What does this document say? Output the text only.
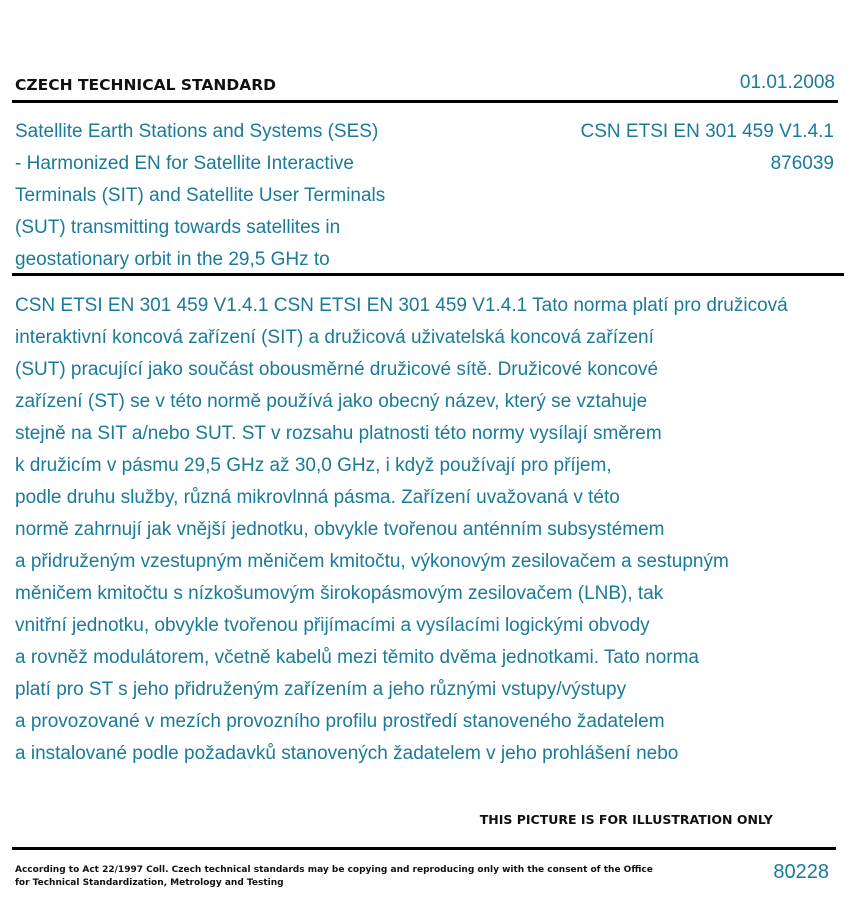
CZECH TECHNICAL STANDARD	01.01.2008
Satellite Earth Stations and Systems (SES)
- Harmonized EN for Satellite Interactive
Terminals (SIT) and Satellite User Terminals
(SUT) transmitting towards satellites in
geostationary orbit in the 29,5 GHz to
CSN ETSI EN 301 459 V1.4.1
876039
CSN ETSI EN 301 459 V1.4.1 CSN ETSI EN 301 459 V1.4.1 Tato norma platí pro družicová
interaktivní koncová zařízení (SIT) a družicová uživatelská koncová zařízení
(SUT) pracující jako součást obousměrné družicové sítě. Družicové koncové
zařízení (ST) se v této normě používá jako obecný název, který se vztahuje
stejně na SIT a/nebo SUT. ST v rozsahu platnosti této normy vysílají směrem
k družicím v pásmu 29,5 GHz až 30,0 GHz, i když používají pro příjem,
podle druhu služby, různá mikrovlnná pásma. Zařízení uvažovaná v této
normě zahrnují jak vnější jednotku, obvykle tvořenou anténním subsystémem
a přidruženým vzestupným měničem kmitočtu, výkonovým zesilovačem a sestupným
měničem kmitočtu s nízkošumovým širokopásmovým zesilovačem (LNB), tak
vnitřní jednotku, obvykle tvořenou přijímacími a vysílacími logickými obvody
a rovněž modulátorem, včetně kabelů mezi těmito dvěma jednotkami. Tato norma
platí pro ST s jeho přidruženým zařízením a jeho různými vstupy/výstupy
a provozované v mezích provozního profilu prostředí stanoveného žadatelem
a instalované podle požadavků stanovených žadatelem v jeho prohlášení nebo
THIS PICTURE IS FOR ILLUSTRATION ONLY
According to Act 22/1997 Coll. Czech technical standards may be copying and reproducing only with the consent of the Office
for Technical Standardization, Metrology and Testing	80228
